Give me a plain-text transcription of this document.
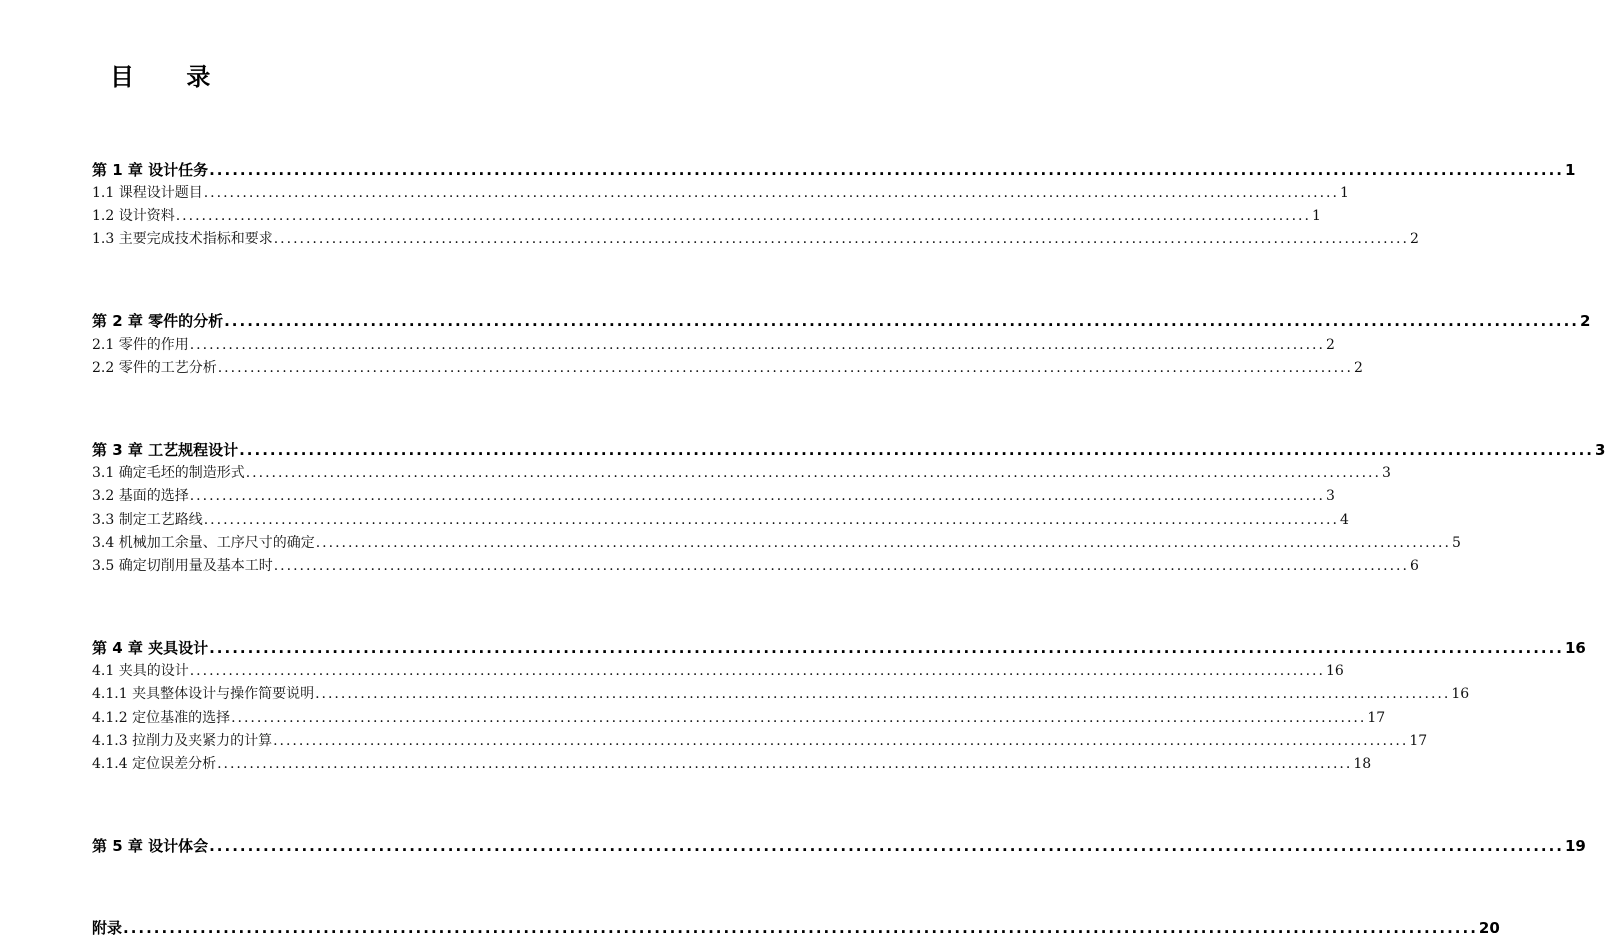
目 录
第 1 章 设计任务 ................................................................................................................................................................................ 1
1.1 课程设计题目 ................................................................................................................................................................................ 1
1.2 设计资料 ................................................................................................................................................................................ 1
1.3 主要完成技术指标和要求 ................................................................................................................................................................................ 2
第 2 章 零件的分析 ................................................................................................................................................................................ 2
2.1 零件的作用 ................................................................................................................................................................................ 2
2.2 零件的工艺分析 ................................................................................................................................................................................ 2
第 3 章 工艺规程设计 ................................................................................................................................................................................ 3
3.1 确定毛坯的制造形式 ................................................................................................................................................................................ 3
3.2 基面的选择 ................................................................................................................................................................................ 3
3.3 制定工艺路线 ................................................................................................................................................................................ 4
3.4 机械加工余量、工序尺寸的确定 ................................................................................................................................................................................ 5
3.5 确定切削用量及基本工时 ................................................................................................................................................................................ 6
第 4 章 夹具设计 ................................................................................................................................................................................ 16
4.1 夹具的设计 ................................................................................................................................................................................ 16
4.1.1 夹具整体设计与操作简要说明 ................................................................................................................................................................................ 16
4.1.2 定位基准的选择 ................................................................................................................................................................................ 17
4.1.3 拉削力及夹紧力的计算 ................................................................................................................................................................................ 17
4.1.4 定位误差分析 ................................................................................................................................................................................ 18
第 5 章 设计体会 ................................................................................................................................................................................ 19
附录 ................................................................................................................................................................................ 20
